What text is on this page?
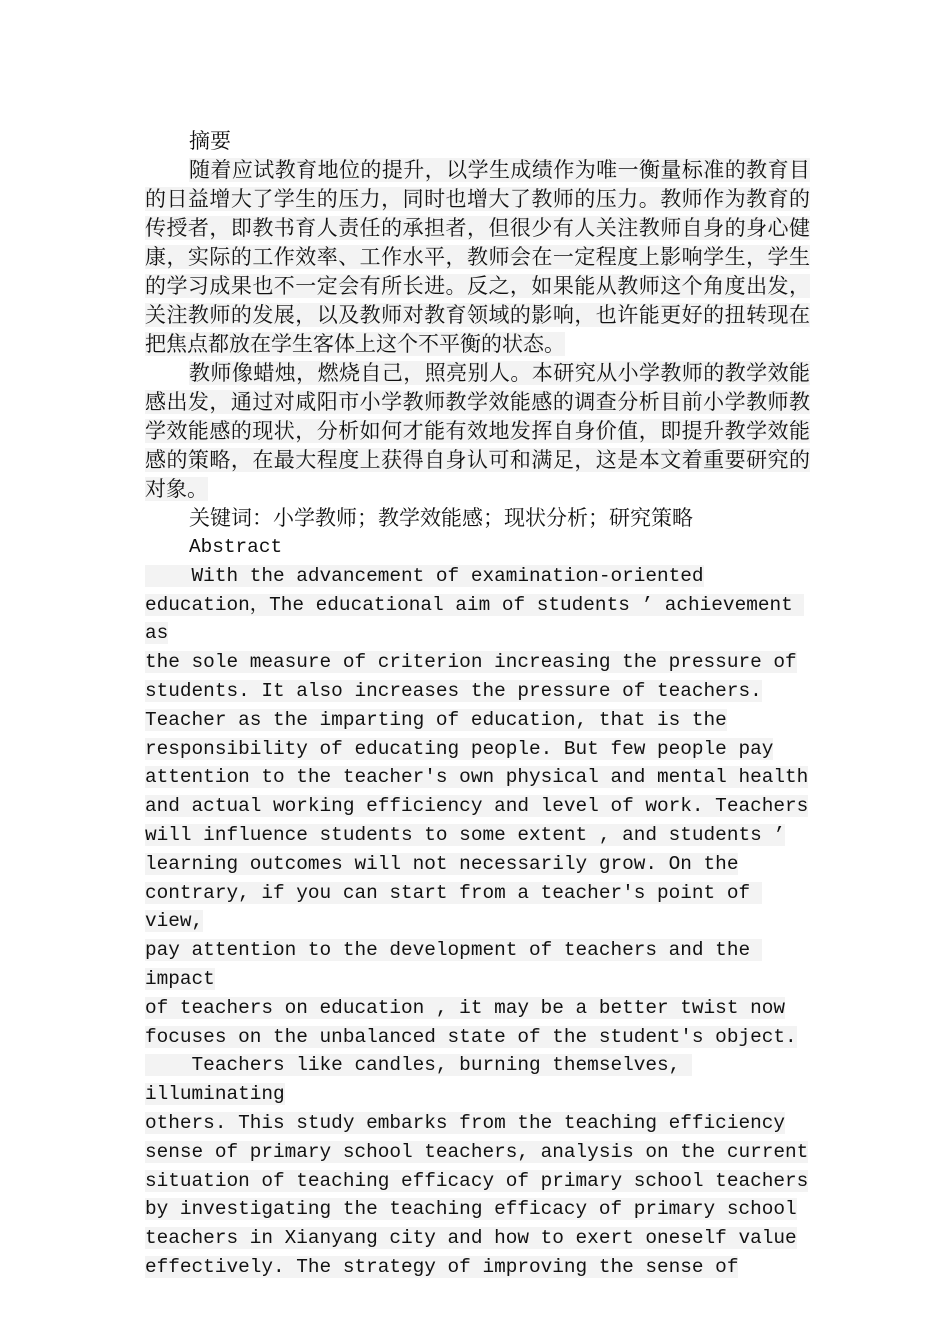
摘要

随着应试教育地位的提升，以学生成绩作为唯一衡量标准的教育目的日益增大了学生的压力，同时也增大了教师的压力。教师作为教育的传授者，即教书育人责任的承担者，但很少有人关注教师自身的身心健康，实际的工作效率、工作水平，教师会在一定程度上影响学生，学生的学习成果也不一定会有所长进。反之，如果能从教师这个角度出发，关注教师的发展，以及教师对教育领域的影响，也许能更好的扭转现在把焦点都放在学生客体上这个不平衡的状态。

教师像蜡烛，燃烧自己，照亮别人。本研究从小学教师的教学效能感出发，通过对咸阳市小学教师教学效能感的调查分析目前小学教师教学效能感的现状，分析如何才能有效地发挥自身价值，即提升教学效能感的策略，在最大程度上获得自身认可和满足，这是本文着重要研究的对象。

关键词：小学教师；教学效能感；现状分析；研究策略

Abstract

With the advancement of examination-oriented

education，The educational aim of students ’ achievement as

the sole measure of criterion increasing the pressure of

students. It also increases the pressure of teachers.

Teacher as the imparting of education, that is the

responsibility of educating people. But few people pay

attention to the teacher's own physical and mental health

and actual working efficiency and level of work. Teachers

will influence students to some extent , and students ’

learning outcomes will not necessarily grow. On the

contrary, if you can start from a teacher's point of view,

pay attention to the development of teachers and the impact

of teachers on education , it may be a better twist now

focuses on the unbalanced state of the student's object.

Teachers like candles, burning themselves, illuminating

others. This study embarks from the teaching efficiency

sense of primary school teachers, analysis on the current

situation of teaching efficacy of primary school teachers

by investigating the teaching efficacy of primary school

teachers in Xianyang city and how to exert oneself value

effectively. The strategy of improving the sense of
